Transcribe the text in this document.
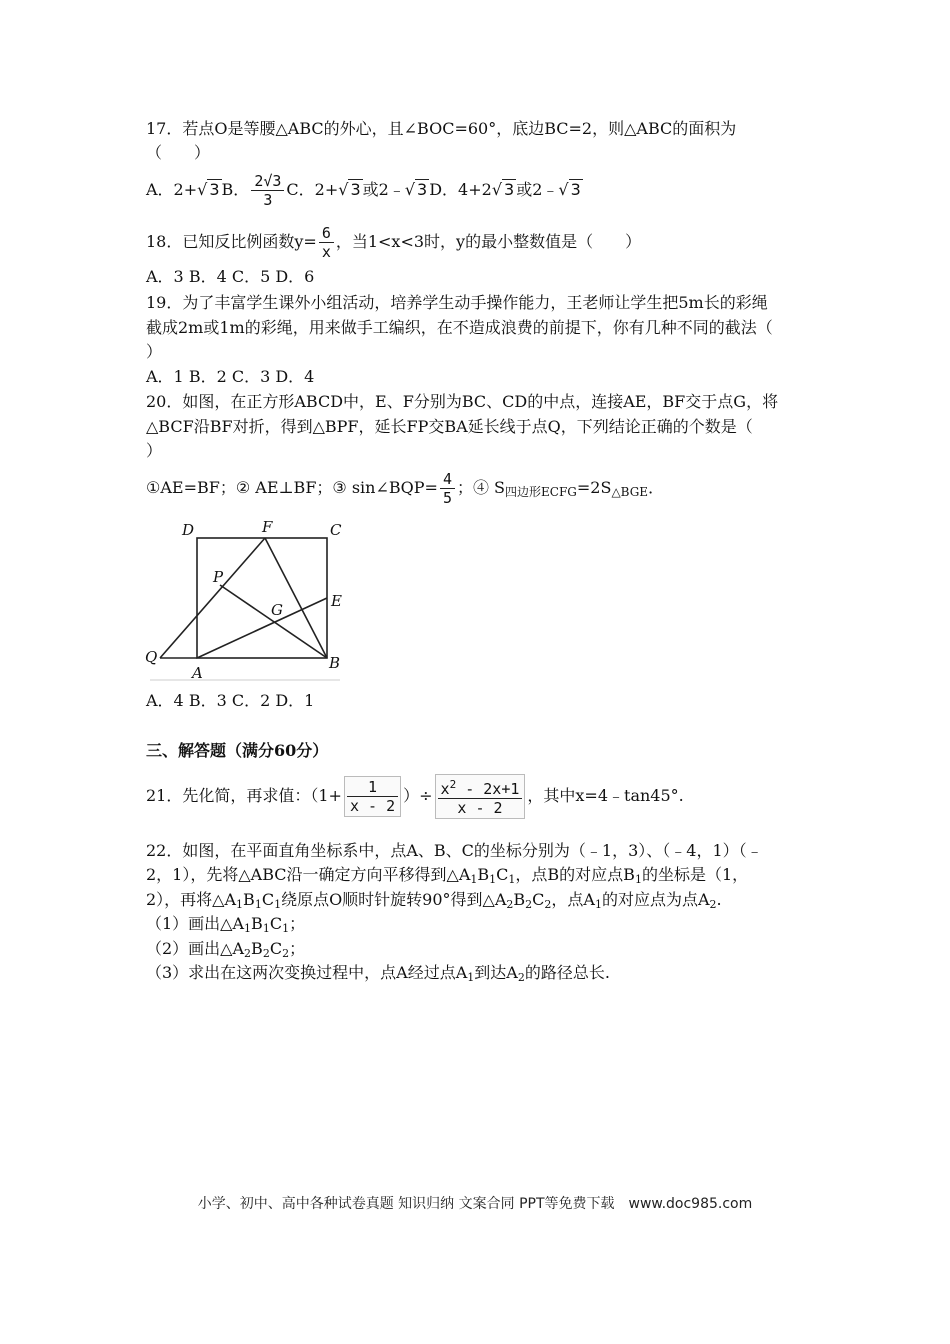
17．若点O是等腰△ABC的外心，且∠BOC=60°，底边BC=2，则△ABC的面积为
（　　）
A．2+√ 3 B． $\frac{2√3}{3}$ C．2+√ 3 或2﹣√ 3 D．4+2√ 3 或2﹣√ 3
18．已知反比例函数$y= \frac{6}{x}$ ，当1<x<3时，y的最小整数值是（　　）
A．3 B．4 C．5 D．6
19．为了丰富学生课外小组活动，培养学生动手操作能力，王老师让学生把5m长的彩绳
截成2m或1m的彩绳，用来做手工编织，在不造成浪费的前提下，你有几种不同的截法（
）
A．1 B．2 C．3 D．4
20．如图，在正方形ABCD中，E、F分别为BC、CD的中点，连接AE，BF交于点G，将
△BCF沿BF对折，得到△BPF，延长FP交BA延长线于点Q，下列结论正确的个数是（
）
①AE=BF；② AE⊥BF；③ sin∠BQP= $\frac{4}{5}$ ；④ $S_{四边形ECFG}=2S_{\triangle BGE}$．
D	F	C
P
G	E
Q
A
B
A．4 B．3 C．2 D．1
三、解答题（满分60分）
21．先化简，再求值：（$1+ \frac{1}{x - 2}$ ）÷ $\frac{x^2 - 2x+1}{x - 2}$ ，其中x=4﹣tan45°.
22．如图，在平面直角坐标系中，点A、B、C的坐标分别为（﹣1，3）、（﹣4，1）（﹣
2，1），先将△ABC沿一确定方向平移得到$\triangle A_1B_1C_1$，点B的对应点$B_1$的坐标是（1，
2），再将$\triangle A_1B_1C_1$绕原点O顺时针旋转90°得到$\triangle A_2B_2C_2$，点$A_1$的对应点为点$A_2$.
（1）画出$\triangle A_1B_1C_1$；
（2）画出$\triangle A_2B_2C_2$；
（3）求出在这两次变换过程中，点A经过点$A_1$到达$A_2$的路径总长.
小学、初中、高中各种试卷真题 知识归纳 文案合同 PPT等免费下载　www.doc985.com
